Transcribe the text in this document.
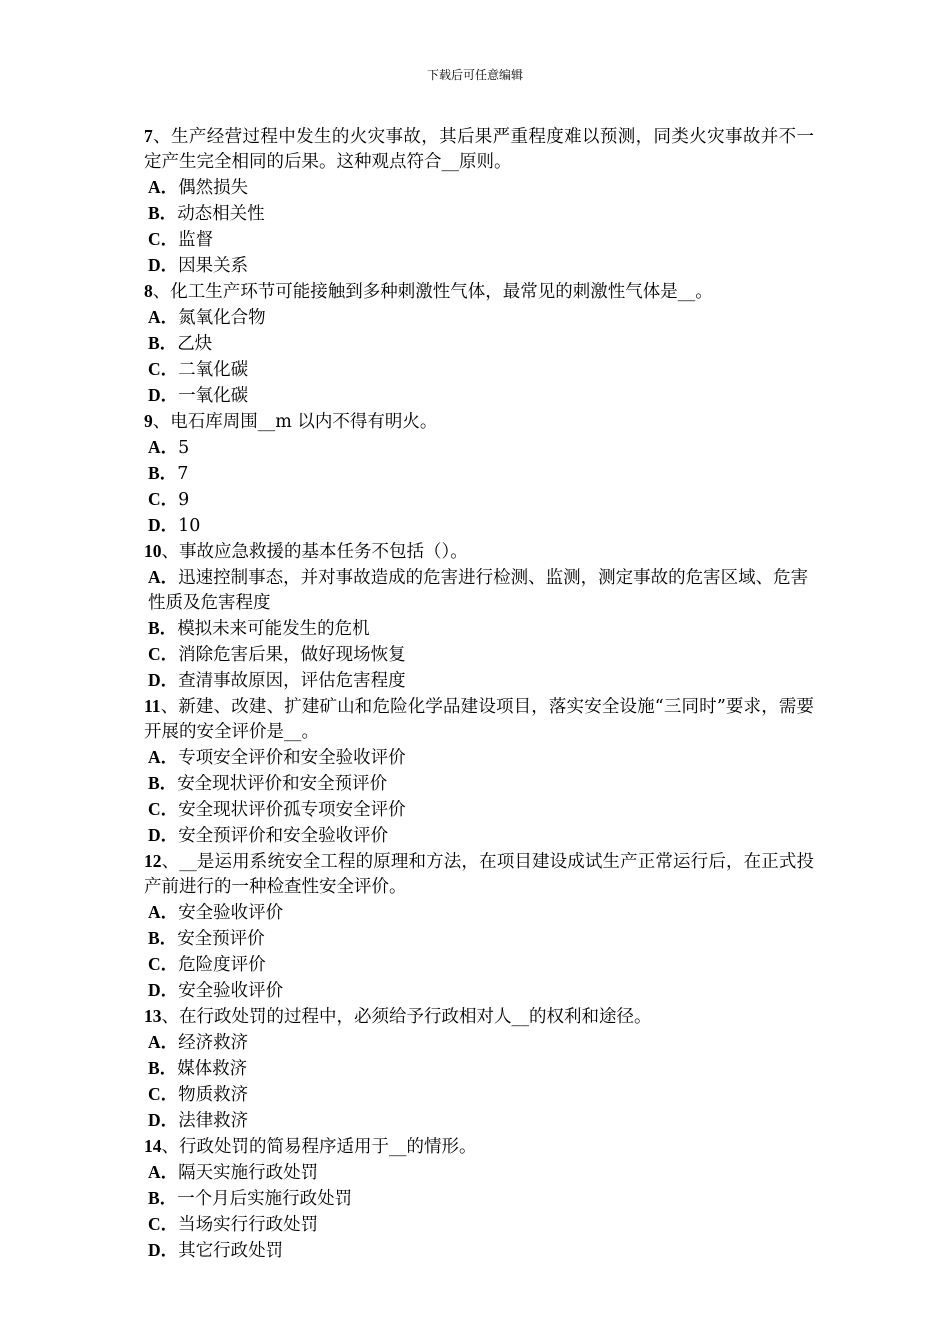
下载后可任意编辑
7、生产经营过程中发生的火灾事故，其后果严重程度难以预测，同类火灾事故并不一定产生完全相同的后果。这种观点符合__原则。
A．偶然损失
B．动态相关性
C．监督
D．因果关系
8、化工生产环节可能接触到多种刺激性气体，最常见的刺激性气体是__。
A．氮氧化合物
B．乙炔
C．二氧化碳
D．一氧化碳
9、电石库周围__m 以内不得有明火。
A．5
B．7
C．9
D．10
10、事故应急救援的基本任务不包括（）。
A．迅速控制事态，并对事故造成的危害进行检测、监测，测定事故的危害区域、危害性质及危害程度
B．模拟未来可能发生的危机
C．消除危害后果，做好现场恢复
D．查清事故原因，评估危害程度
11、新建、改建、扩建矿山和危险化学品建设项目，落实安全设施“三同时”要求，需要开展的安全评价是__。
A．专项安全评价和安全验收评价
B．安全现状评价和安全预评价
C．安全现状评价孤专项安全评价
D．安全预评价和安全验收评价
12、__是运用系统安全工程的原理和方法，在项目建设成试生产正常运行后，在正式投产前进行的一种检查性安全评价。
A．安全验收评价
B．安全预评价
C．危险度评价
D．安全验收评价
13、在行政处罚的过程中，必须给予行政相对人__的权利和途径。
A．经济救济
B．媒体救济
C．物质救济
D．法律救济
14、行政处罚的简易程序适用于__的情形。
A．隔天实施行政处罚
B．一个月后实施行政处罚
C．当场实行行政处罚
D．其它行政处罚
